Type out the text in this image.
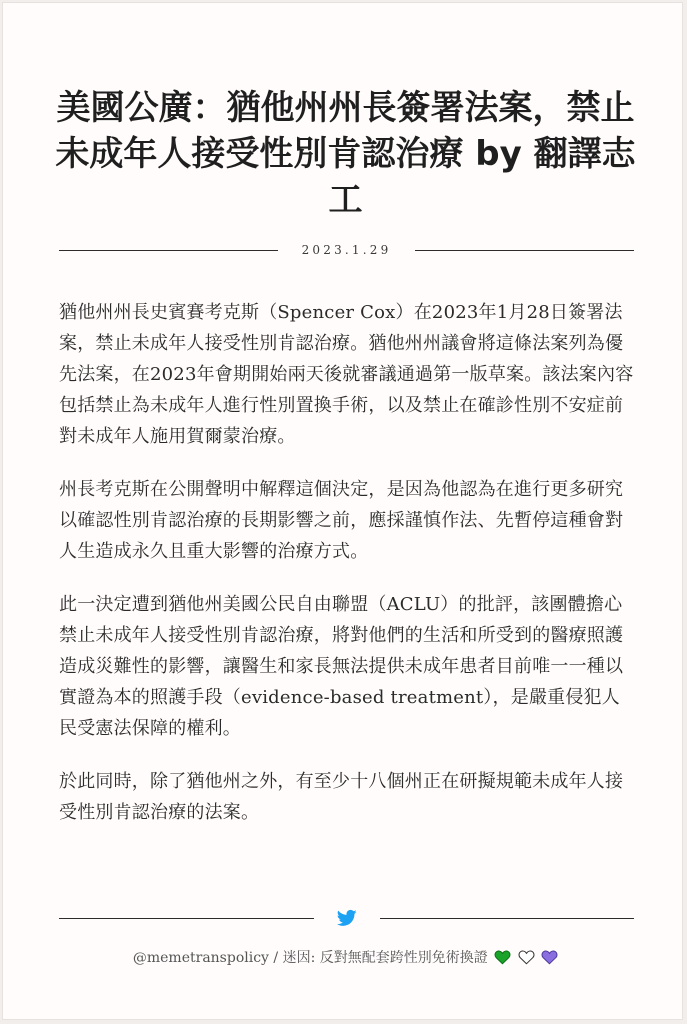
美國公廣：猶他州州長簽署法案，禁止未成年人接受性別肯認治療 by 翻譯志工
2023.1.29

猶他州州長史賓賽考克斯（Spencer Cox）在2023年1月28日簽署法案，禁止未成年人接受性別肯認治療。猶他州州議會將這條法案列為優先法案，在2023年會期開始兩天後就審議通過第一版草案。該法案內容包括禁止為未成年人進行性別置換手術，以及禁止在確診性別不安症前對未成年人施用賀爾蒙治療。

州長考克斯在公開聲明中解釋這個決定，是因為他認為在進行更多研究以確認性別肯認治療的長期影響之前，應採謹慎作法、先暫停這種會對人生造成永久且重大影響的治療方式。

此一決定遭到猶他州美國公民自由聯盟（ACLU）的批評，該團體擔心禁止未成年人接受性別肯認治療，將對他們的生活和所受到的醫療照護造成災難性的影響，讓醫生和家長無法提供未成年患者目前唯一一種以實證為本的照護手段（evidence-based treatment），是嚴重侵犯人民受憲法保障的權利。

於此同時，除了猶他州之外，有至少十八個州正在研擬規範未成年人接受性別肯認治療的法案。

@memetranspolicy / 迷因: 反對無配套跨性別免術換證
